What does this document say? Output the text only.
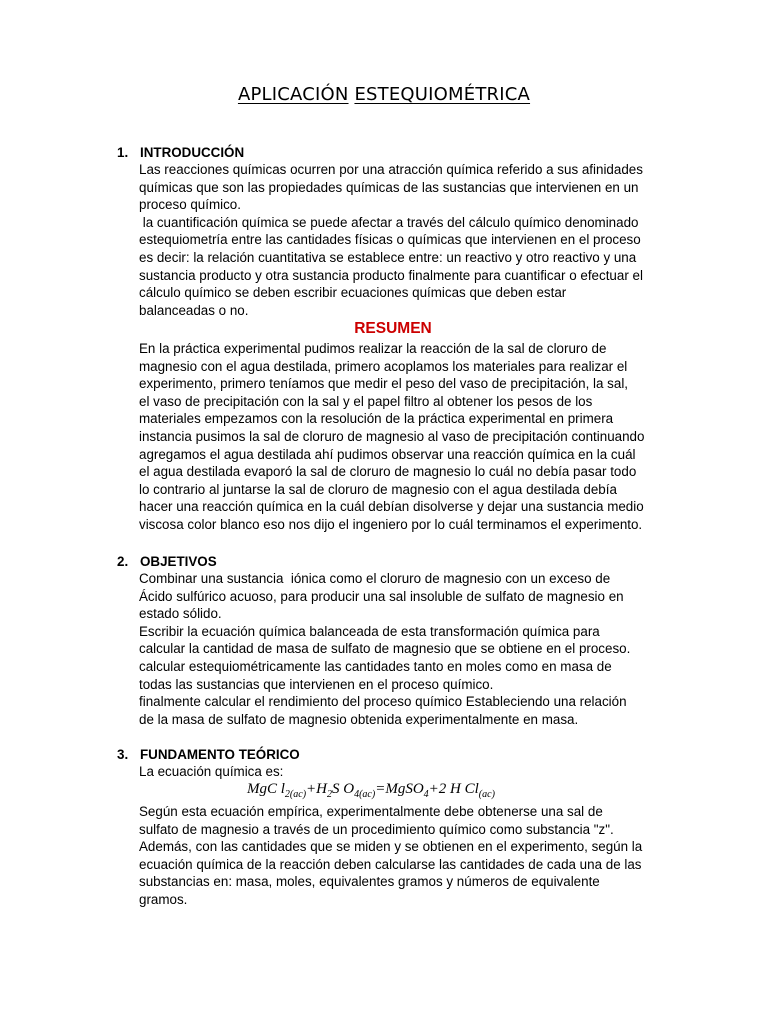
APLICACIÓN ESTEQUIOMÉTRICA
1. INTRODUCCIÓN
Las reacciones químicas ocurren por una atracción química referido a sus afinidades
químicas que son las propiedades químicas de las sustancias que intervienen en un
proceso químico.
la cuantificación química se puede afectar a través del cálculo químico denominado
estequiometría entre las cantidades físicas o químicas que intervienen en el proceso
es decir: la relación cuantitativa se establece entre: un reactivo y otro reactivo y una
sustancia producto y otra sustancia producto finalmente para cuantificar o efectuar el
cálculo químico se deben escribir ecuaciones químicas que deben estar
balanceadas o no.
RESUMEN
En la práctica experimental pudimos realizar la reacción de la sal de cloruro de
magnesio con el agua destilada, primero acoplamos los materiales para realizar el
experimento, primero teníamos que medir el peso del vaso de precipitación, la sal,
el vaso de precipitación con la sal y el papel filtro al obtener los pesos de los
materiales empezamos con la resolución de la práctica experimental en primera
instancia pusimos la sal de cloruro de magnesio al vaso de precipitación continuando
agregamos el agua destilada ahí pudimos observar una reacción química en la cuál
el agua destilada evaporó la sal de cloruro de magnesio lo cuál no debía pasar todo
lo contrario al juntarse la sal de cloruro de magnesio con el agua destilada debía
hacer una reacción química en la cuál debían disolverse y dejar una sustancia medio
viscosa color blanco eso nos dijo el ingeniero por lo cuál terminamos el experimento.
2. OBJETIVOS
Combinar una sustancia  iónica como el cloruro de magnesio con un exceso de
Ácido sulfúrico acuoso, para producir una sal insoluble de sulfato de magnesio en
estado sólido.
Escribir la ecuación química balanceada de esta transformación química para
calcular la cantidad de masa de sulfato de magnesio que se obtiene en el proceso.
calcular estequiométricamente las cantidades tanto en moles como en masa de
todas las sustancias que intervienen en el proceso químico.
finalmente calcular el rendimiento del proceso químico Estableciendo una relación
de la masa de sulfato de magnesio obtenida experimentalmente en masa.
3. FUNDAMENTO TEÓRICO
La ecuación química es:
MgC $l_{2(ac)}+H_2S$ $O_{4(ac)}=MgSO_4+2$ H $Cl_{(ac)}$
Según esta ecuación empírica, experimentalmente debe obtenerse una sal de
sulfato de magnesio a través de un procedimiento químico como substancia "z".
Además, con las cantidades que se miden y se obtienen en el experimento, según la
ecuación química de la reacción deben calcularse las cantidades de cada una de las
substancias en: masa, moles, equivalentes gramos y números de equivalente
gramos.
